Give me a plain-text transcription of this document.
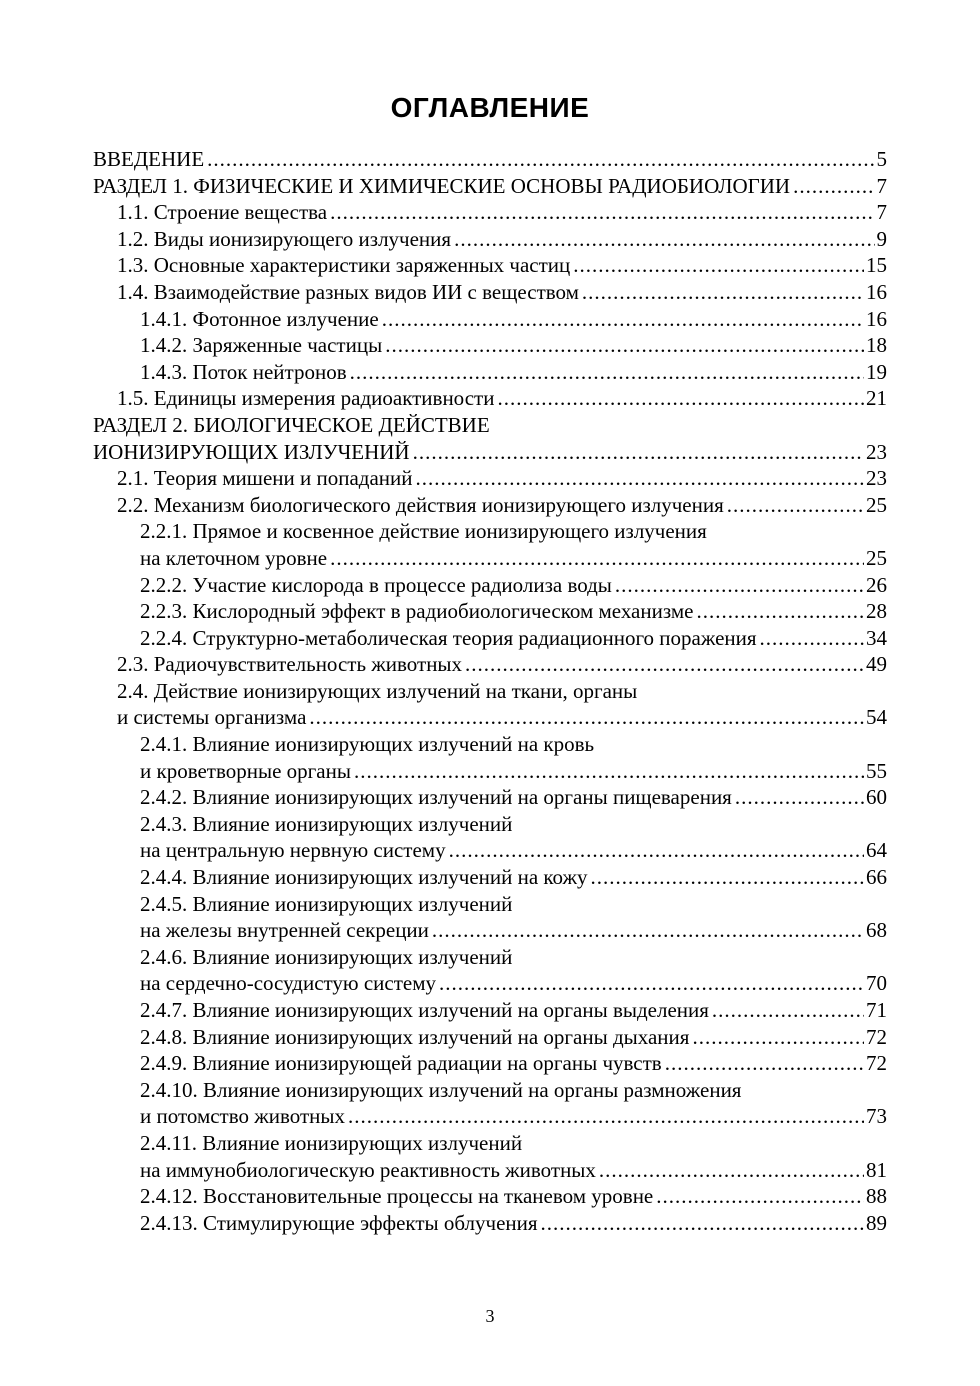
ОГЛАВЛЕНИЕ
ВВЕДЕНИЕ .....	5
РАЗДЕЛ 1. ФИЗИЧЕСКИЕ И ХИМИЧЕСКИЕ ОСНОВЫ РАДИОБИОЛОГИИ .....	7
1.1. Строение вещества .....	7
1.2. Виды ионизирующего излучения .....	9
1.3. Основные характеристики заряженных частиц .....	15
1.4. Взаимодействие разных видов ИИ с веществом .....	16
1.4.1. Фотонное излучение .....	16
1.4.2. Заряженные частицы .....	18
1.4.3. Поток нейтронов .....	19
1.5. Единицы измерения радиоактивности .....	21
РАЗДЕЛ 2. БИОЛОГИЧЕСКОЕ ДЕЙСТВИЕ
ИОНИЗИРУЮЩИХ ИЗЛУЧЕНИЙ .....	23
2.1. Теория мишени и попаданий .....	23
2.2. Механизм биологического действия ионизирующего излучения .....	25
2.2.1. Прямое и косвенное действие ионизирующего излучения
на клеточном уровне .....	25
2.2.2. Участие кислорода в процессе радиолиза воды .....	26
2.2.3. Кислородный эффект в радиобиологическом механизме .....	28
2.2.4. Структурно-метаболическая теория радиационного поражения .....	34
2.3. Радиочувствительность животных .....	49
2.4. Действие ионизирующих излучений на ткани, органы
и системы организма .....	54
2.4.1. Влияние ионизирующих излучений на кровь
и кроветворные органы .....	55
2.4.2. Влияние ионизирующих излучений на органы пищеварения .....	60
2.4.3. Влияние ионизирующих излучений
на центральную нервную систему .....	64
2.4.4. Влияние ионизирующих излучений на кожу .....	66
2.4.5. Влияние ионизирующих излучений
на железы внутренней секреции .....	68
2.4.6. Влияние ионизирующих излучений
на сердечно-сосудистую систему .....	70
2.4.7. Влияние ионизирующих излучений на органы выделения .....	71
2.4.8. Влияние ионизирующих излучений на органы дыхания .....	72
2.4.9. Влияние ионизирующей радиации на органы чувств .....	72
2.4.10. Влияние ионизирующих излучений на органы размножения
и потомство животных .....	73
2.4.11. Влияние ионизирующих излучений
на иммунобиологическую реактивность животных .....	81
2.4.12. Восстановительные процессы на тканевом уровне .....	88
2.4.13. Стимулирующие эффекты облучения .....	89
3
